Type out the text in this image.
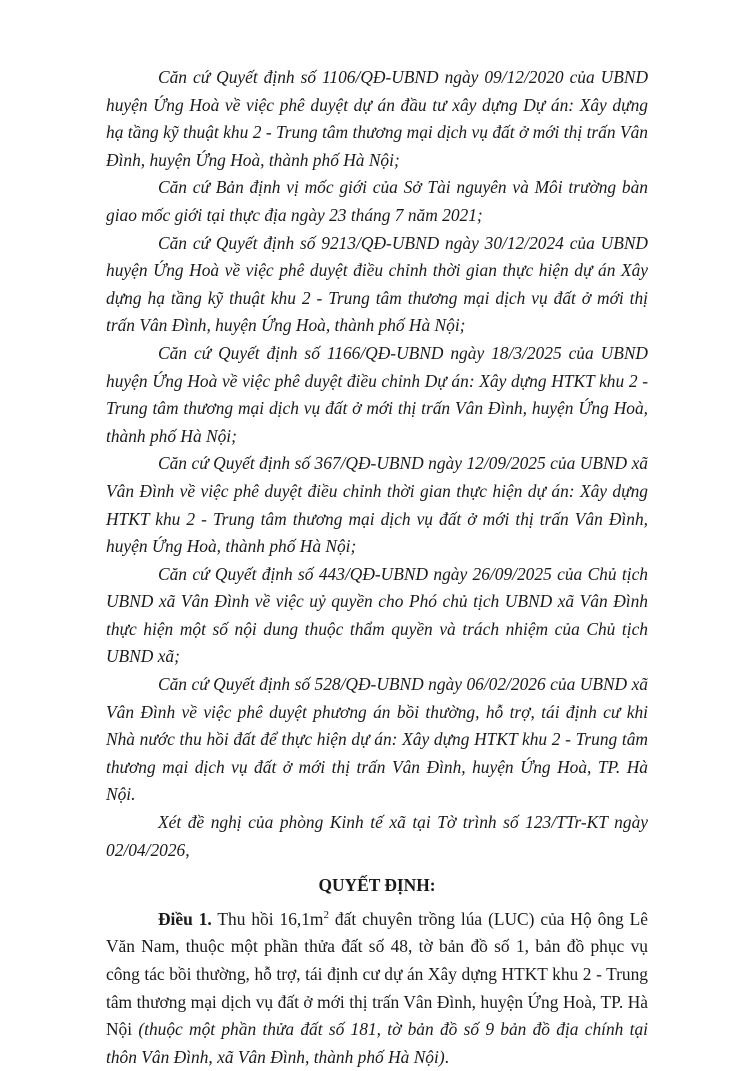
Căn cứ Quyết định số 1106/QĐ-UBND ngày 09/12/2020 của UBND huyện Ứng Hoà về việc phê duyệt dự án đầu tư xây dựng Dự án: Xây dựng hạ tầng kỹ thuật khu 2 - Trung tâm thương mại dịch vụ đất ở mới thị trấn Vân Đình, huyện Ứng Hoà, thành phố Hà Nội;

Căn cứ Bản định vị mốc giới của Sở Tài nguyên và Môi trường bàn giao mốc giới tại thực địa ngày 23 tháng 7 năm 2021;

Căn cứ Quyết định số 9213/QĐ-UBND ngày 30/12/2024 của UBND huyện Ứng Hoà về việc phê duyệt điều chỉnh thời gian thực hiện dự án Xây dựng hạ tầng kỹ thuật khu 2 - Trung tâm thương mại dịch vụ đất ở mới thị trấn Vân Đình, huyện Ứng Hoà, thành phố Hà Nội;

Căn cứ Quyết định số 1166/QĐ-UBND ngày 18/3/2025 của UBND huyện Ứng Hoà về việc phê duyệt điều chỉnh Dự án: Xây dựng HTKT khu 2 - Trung tâm thương mại dịch vụ đất ở mới thị trấn Vân Đình, huyện Ứng Hoà, thành phố Hà Nội;

Căn cứ Quyết định số 367/QĐ-UBND ngày 12/09/2025 của UBND xã Vân Đình về việc phê duyệt điều chỉnh thời gian thực hiện dự án: Xây dựng HTKT khu 2 - Trung tâm thương mại dịch vụ đất ở mới thị trấn Vân Đình, huyện Ứng Hoà, thành phố Hà Nội;

Căn cứ Quyết định số 443/QĐ-UBND ngày 26/09/2025 của Chủ tịch UBND xã Vân Đình về việc uỷ quyền cho Phó chủ tịch UBND xã Vân Đình thực hiện một số nội dung thuộc thẩm quyền và trách nhiệm của Chủ tịch UBND xã;

Căn cứ Quyết định số 528/QĐ-UBND ngày 06/02/2026 của UBND xã Vân Đình về việc phê duyệt phương án bồi thường, hỗ trợ, tái định cư khi Nhà nước thu hồi đất để thực hiện dự án: Xây dựng HTKT khu 2 - Trung tâm thương mại dịch vụ đất ở mới thị trấn Vân Đình, huyện Ứng Hoà, TP. Hà Nội.

Xét đề nghị của phòng Kinh tế xã tại Tờ trình số 123/TTr-KT ngày 02/04/2026,

QUYẾT ĐỊNH:

Điều 1. Thu hồi $16,1m^2$ đất chuyên trồng lúa (LUC) của Hộ ông Lê Văn Nam, thuộc một phần thửa đất số 48, tờ bản đồ số 1, bản đồ phục vụ công tác bồi thường, hỗ trợ, tái định cư dự án Xây dựng HTKT khu 2 - Trung tâm thương mại dịch vụ đất ở mới thị trấn Vân Đình, huyện Ứng Hoà, TP. Hà Nội (thuộc một phần thửa đất số 181, tờ bản đồ số 9 bản đồ địa chính tại thôn Vân Đình, xã Vân Đình, thành phố Hà Nội).
